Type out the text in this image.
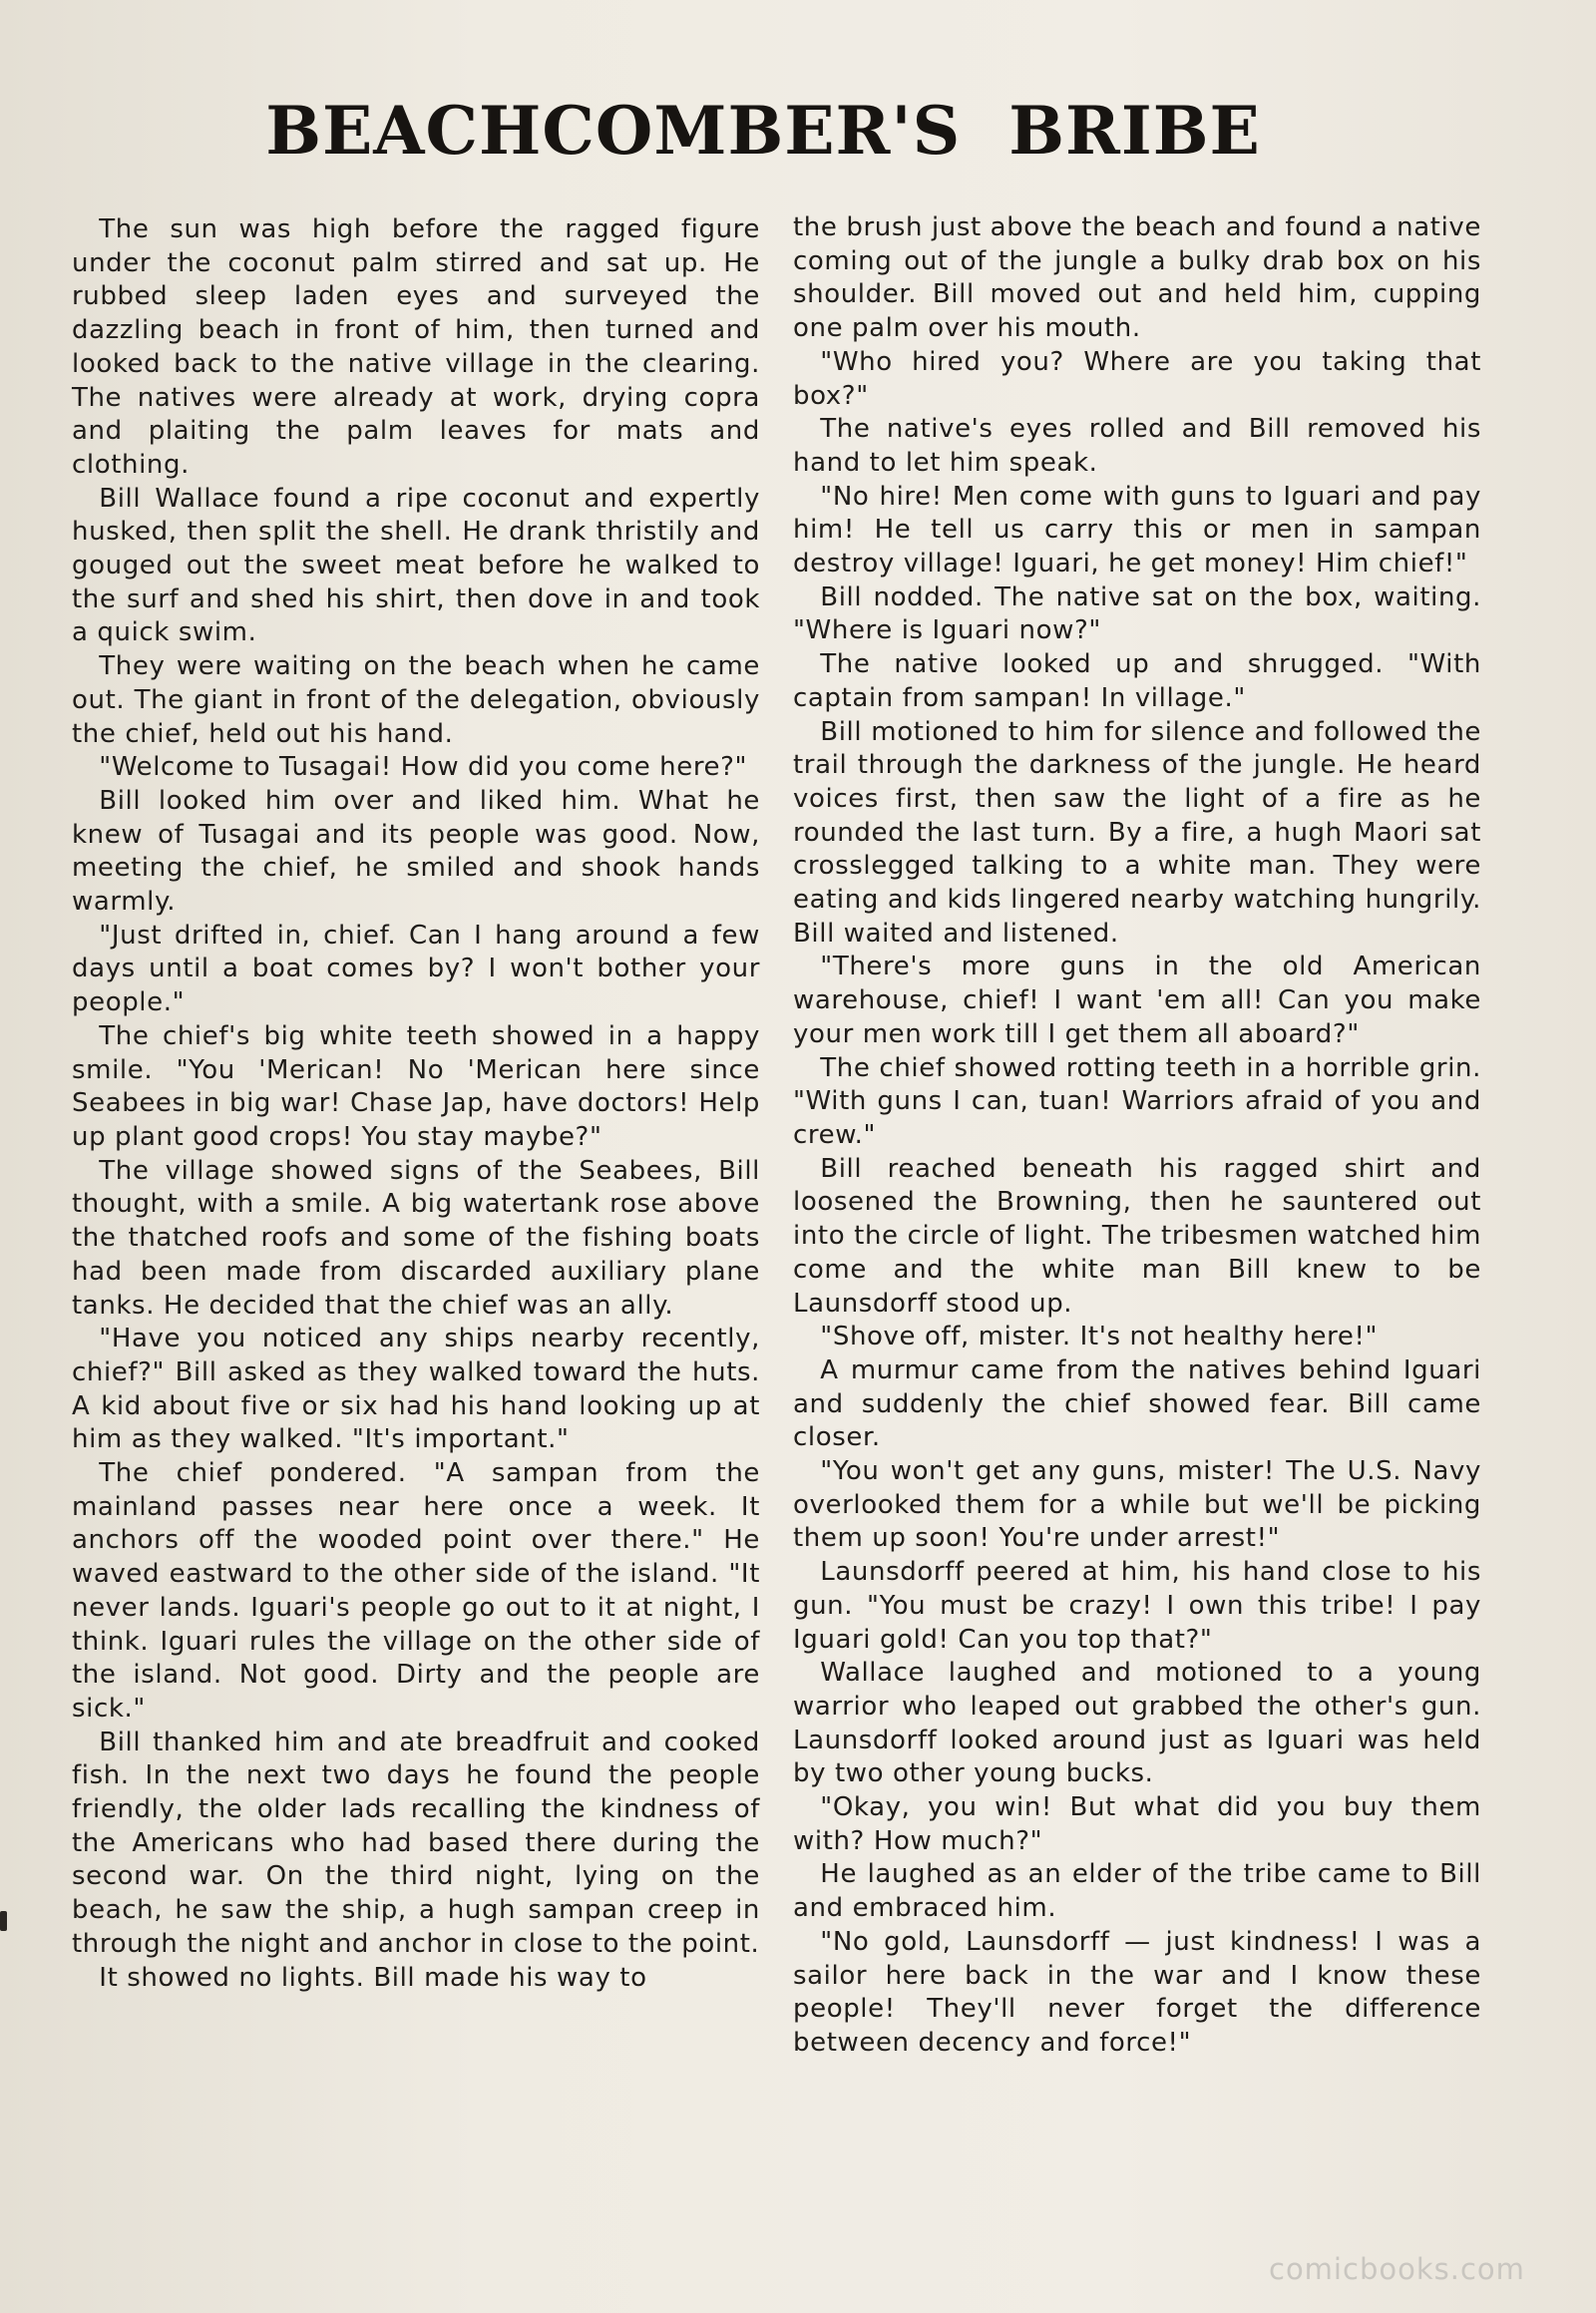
BEACHCOMBER'S  BRIBE

The sun was high before the ragged figure under the coconut palm stirred and sat up. He rubbed sleep laden eyes and surveyed the dazzling beach in front of him, then turned and looked back to the native village in the clearing. The natives were already at work, drying copra and plaiting the palm leaves for mats and clothing.

Bill Wallace found a ripe coconut and expertly husked, then split the shell. He drank thristily and gouged out the sweet meat before he walked to the surf and shed his shirt, then dove in and took a quick swim.

They were waiting on the beach when he came out. The giant in front of the delegation, obviously the chief, held out his hand.

"Welcome to Tusagai! How did you come here?"

Bill looked him over and liked him. What he knew of Tusagai and its people was good. Now, meeting the chief, he smiled and shook hands warmly.

"Just drifted in, chief. Can I hang around a few days until a boat comes by? I won't bother your people."

The chief's big white teeth showed in a happy smile. "You 'Merican! No 'Merican here since Seabees in big war! Chase Jap, have doctors! Help up plant good crops! You stay maybe?"

The village showed signs of the Seabees, Bill thought, with a smile. A big watertank rose above the thatched roofs and some of the fishing boats had been made from discarded auxiliary plane tanks. He decided that the chief was an ally.

"Have you noticed any ships nearby recently, chief?" Bill asked as they walked toward the huts. A kid about five or six had his hand looking up at him as they walked. "It's important."

The chief pondered. "A sampan from the mainland passes near here once a week. It anchors off the wooded point over there." He waved eastward to the other side of the island. "It never lands. Iguari's people go out to it at night, I think. Iguari rules the village on the other side of the island. Not good. Dirty and the people are sick."

Bill thanked him and ate breadfruit and cooked fish. In the next two days he found the people friendly, the older lads recalling the kindness of the Americans who had based there during the second war. On the third night, lying on the beach, he saw the ship, a hugh sampan creep in through the night and anchor in close to the point.

It showed no lights. Bill made his way to

the brush just above the beach and found a native coming out of the jungle a bulky drab box on his shoulder. Bill moved out and held him, cupping one palm over his mouth.

"Who hired you? Where are you taking that box?"

The native's eyes rolled and Bill removed his hand to let him speak.

"No hire! Men come with guns to Iguari and pay him! He tell us carry this or men in sampan destroy village! Iguari, he get money! Him chief!"

Bill nodded. The native sat on the box, waiting. "Where is Iguari now?"

The native looked up and shrugged. "With captain from sampan! In village."

Bill motioned to him for silence and followed the trail through the darkness of the jungle. He heard voices first, then saw the light of a fire as he rounded the last turn. By a fire, a hugh Maori sat crosslegged talking to a white man. They were eating and kids lingered nearby watching hungrily. Bill waited and listened.

"There's more guns in the old American warehouse, chief! I want 'em all! Can you make your men work till I get them all aboard?"

The chief showed rotting teeth in a horrible grin. "With guns I can, tuan! Warriors afraid of you and crew."

Bill reached beneath his ragged shirt and loosened the Browning, then he sauntered out into the circle of light. The tribesmen watched him come and the white man Bill knew to be Launsdorff stood up.

"Shove off, mister. It's not healthy here!"

A murmur came from the natives behind Iguari and suddenly the chief showed fear. Bill came closer.

"You won't get any guns, mister! The U.S. Navy overlooked them for a while but we'll be picking them up soon! You're under arrest!"

Launsdorff peered at him, his hand close to his gun. "You must be crazy! I own this tribe! I pay Iguari gold! Can you top that?"

Wallace laughed and motioned to a young warrior who leaped out grabbed the other's gun. Launsdorff looked around just as Iguari was held by two other young bucks.

"Okay, you win! But what did you buy them with? How much?"

He laughed as an elder of the tribe came to Bill and embraced him.

"No gold, Launsdorff — just kindness! I was a sailor here back in the war and I know these people! They'll never forget the difference between decency and force!"

comicbooks.com
